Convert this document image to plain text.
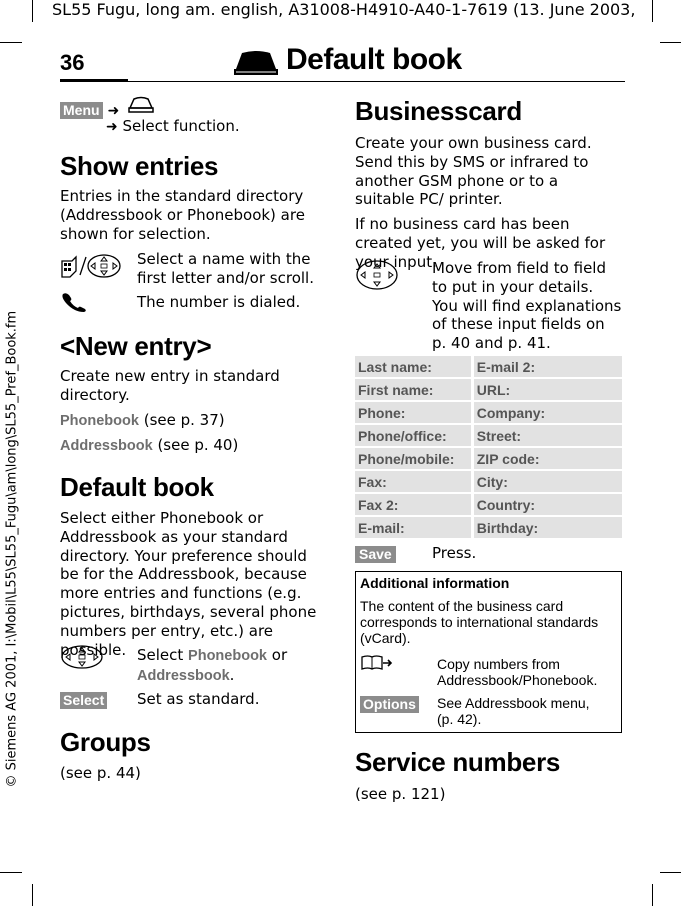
SL55 Fugu, long am. english, A31008-H4910-A40-1-7619 (13. June 2003,
36	Default book
© Siemens AG 2001, I:\Mobil\L55\SL55_Fugu\am\long\SL55_Pref_Book.fm
Menu ➜
➜ Select function.
Show entries
Entries in the standard directory (Addressbook or Phonebook) are shown for selection.
Select a name with the first letter and/or scroll.
The number is dialed.
<New entry>
Create new entry in standard directory.
Phonebook (see p. 37)
Addressbook (see p. 40)
Default book
Select either Phonebook or Addressbook as your standard directory. Your preference should be for the Addressbook, because more entries and functions (e.g. pictures, birthdays, several phone numbers per entry, etc.) are possible. Select Phonebook or
Addressbook.
Select Set as standard.
Groups
(see p. 44)
Businesscard
Create your own business card. Send this by SMS or infrared to another GSM phone or to a suitable PC/ printer.
If no business card has been created yet, you will be asked for your input.
Move from field to field to put in your details. You will find explanations of these input fields on p. 40 and p. 41.
Last name:		E-mail 2:
First name:		URL:
Phone:		Company:
Phone/office:		Street:
Phone/mobile:		ZIP code:
Fax:		City:
Fax 2:		Country:
E-mail:		Birthday:
Save	Press.
Additional information
The content of the business card corresponds to international standards (vCard).
Copy numbers from Addressbook/Phonebook.
Options See Addressbook menu, (p. 42).
Service numbers
(see p. 121)
